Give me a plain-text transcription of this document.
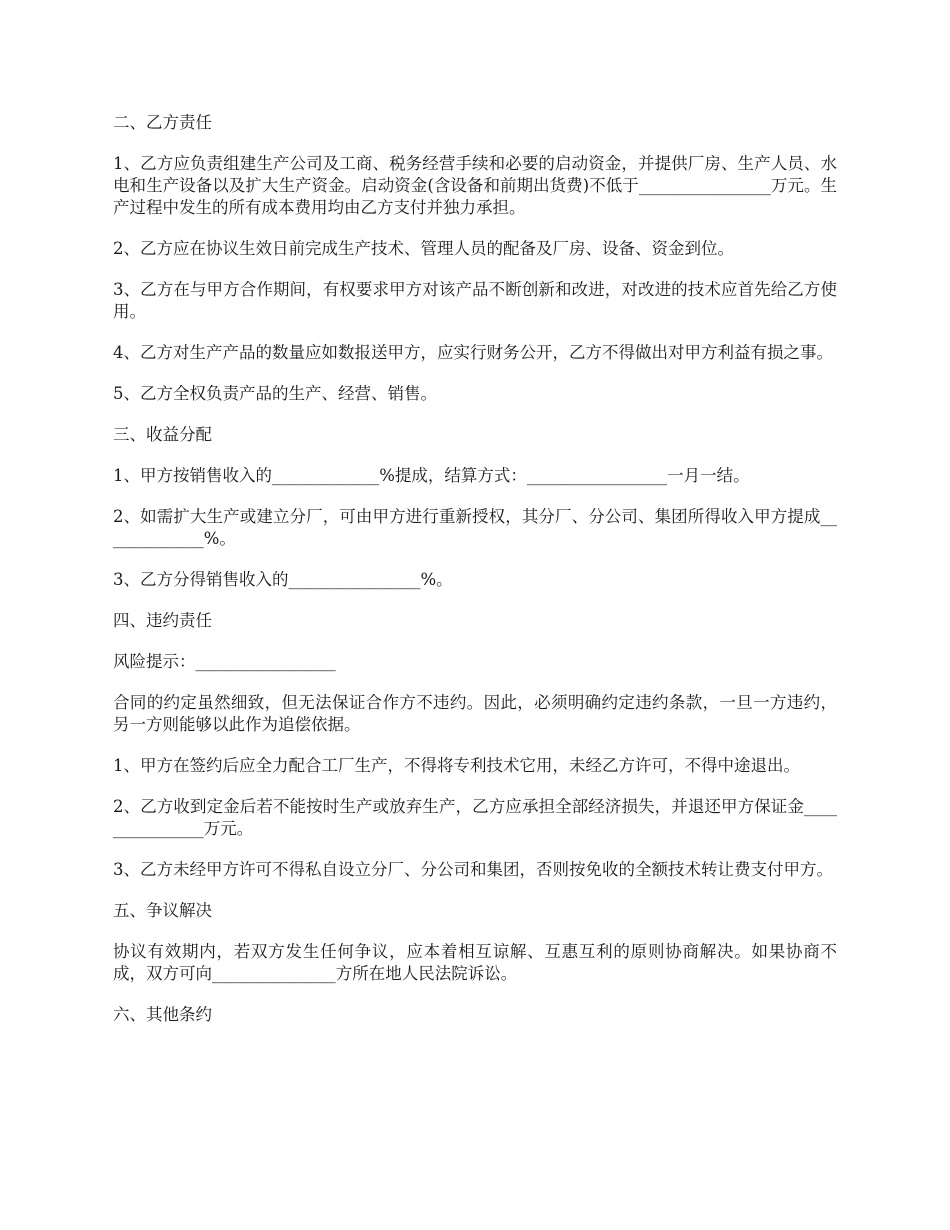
二、乙方责任

1、乙方应负责组建生产公司及工商、税务经营手续和必要的启动资金，并提供厂房、生产人员、水电和生产设备以及扩大生产资金。启动资金(含设备和前期出货费)不低于________________万元。生产过程中发生的所有成本费用均由乙方支付并独力承担。

2、乙方应在协议生效日前完成生产技术、管理人员的配备及厂房、设备、资金到位。

3、乙方在与甲方合作期间，有权要求甲方对该产品不断创新和改进，对改进的技术应首先给乙方使用。

4、乙方对生产产品的数量应如数报送甲方，应实行财务公开，乙方不得做出对甲方利益有损之事。

5、乙方全权负责产品的生产、经营、销售。

三、收益分配

1、甲方按销售收入的_____________%提成，结算方式：_________________一月一结。

2、如需扩大生产或建立分厂，可由甲方进行重新授权，其分厂、分公司、集团所得收入甲方提成_____________%。

3、乙方分得销售收入的________________%。

四、违约责任

风险提示：_________________

合同的约定虽然细致，但无法保证合作方不违约。因此，必须明确约定违约条款，一旦一方违约，另一方则能够以此作为追偿依据。

1、甲方在签约后应全力配合工厂生产，不得将专利技术它用，未经乙方许可，不得中途退出。

2、乙方收到定金后若不能按时生产或放弃生产，乙方应承担全部经济损失，并退还甲方保证金_______________万元。

3、乙方未经甲方许可不得私自设立分厂、分公司和集团，否则按免收的全额技术转让费支付甲方。

五、争议解决

协议有效期内，若双方发生任何争议，应本着相互谅解、互惠互利的原则协商解决。如果协商不成，双方可向_______________方所在地人民法院诉讼。

六、其他条约
